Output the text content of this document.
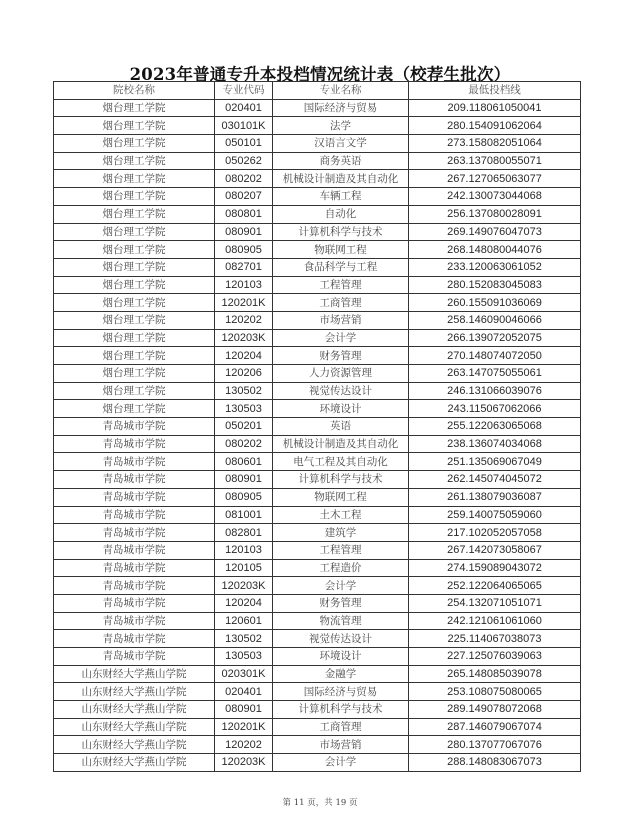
2023年普通专升本投档情况统计表（校荐生批次）
院校名称	专业代码	专业名称	最低投档线
烟台理工学院	020401	国际经济与贸易	209.118061050041
烟台理工学院	030101K	法学	280.154091062064
烟台理工学院	050101	汉语言文学	273.158082051064
烟台理工学院	050262	商务英语	263.137080055071
烟台理工学院	080202	机械设计制造及其自动化	267.127065063077
烟台理工学院	080207	车辆工程	242.130073044068
烟台理工学院	080801	自动化	256.137080028091
烟台理工学院	080901	计算机科学与技术	269.149076047073
烟台理工学院	080905	物联网工程	268.148080044076
烟台理工学院	082701	食品科学与工程	233.120063061052
烟台理工学院	120103	工程管理	280.152083045083
烟台理工学院	120201K	工商管理	260.155091036069
烟台理工学院	120202	市场营销	258.146090046066
烟台理工学院	120203K	会计学	266.139072052075
烟台理工学院	120204	财务管理	270.148074072050
烟台理工学院	120206	人力资源管理	263.147075055061
烟台理工学院	130502	视觉传达设计	246.131066039076
烟台理工学院	130503	环境设计	243.115067062066
青岛城市学院	050201	英语	255.122063065068
青岛城市学院	080202	机械设计制造及其自动化	238.136074034068
青岛城市学院	080601	电气工程及其自动化	251.135069067049
青岛城市学院	080901	计算机科学与技术	262.145074045072
青岛城市学院	080905	物联网工程	261.138079036087
青岛城市学院	081001	土木工程	259.140075059060
青岛城市学院	082801	建筑学	217.102052057058
青岛城市学院	120103	工程管理	267.142073058067
青岛城市学院	120105	工程造价	274.159089043072
青岛城市学院	120203K	会计学	252.122064065065
青岛城市学院	120204	财务管理	254.132071051071
青岛城市学院	120601	物流管理	242.121061061060
青岛城市学院	130502	视觉传达设计	225.114067038073
青岛城市学院	130503	环境设计	227.125076039063
山东财经大学燕山学院	020301K	金融学	265.148085039078
山东财经大学燕山学院	020401	国际经济与贸易	253.108075080065
山东财经大学燕山学院	080901	计算机科学与技术	289.149078072068
山东财经大学燕山学院	120201K	工商管理	287.146079067074
山东财经大学燕山学院	120202	市场营销	280.137077067076
山东财经大学燕山学院	120203K	会计学	288.148083067073
第 11 页，共 19 页
